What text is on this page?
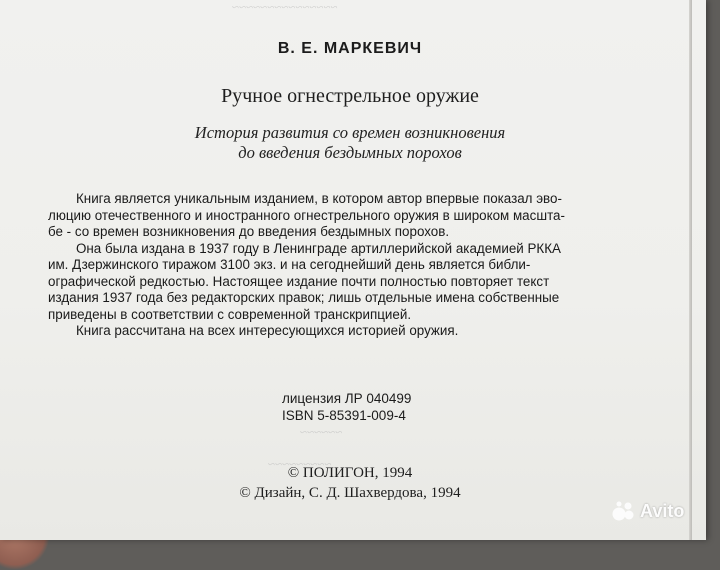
~~~~~~~~~~~~~~~
~~~~~~
~~~~~~~~~
В. Е. МАРКЕВИЧ
Ручное огнестрельное оружие
История развития со времен возникновения
до введения бездымных порохов
Книга является уникальным изданием, в котором автор впервые показал эво-
люцию отечественного и иностранного огнестрельного оружия в широком масшта-
бе - со времен возникновения до введения бездымных порохов.
Она была издана в 1937 году в Ленинграде артиллерийской академией РККА
им. Дзержинского тиражом 3100 экз. и на сегоднейший день является библи-
ографической редкостью. Настоящее издание почти полностью повторяет текст
издания 1937 года без редакторских правок; лишь отдельные имена собственные
приведены в соответствии с современной транскрипцией.
Книга рассчитана на всех интересующихся историей оружия.
лицензия ЛР 040499
ISBN 5-85391-009-4
© ПОЛИГОН, 1994
© Дизайн, С. Д. Шахвердова, 1994
Avito
